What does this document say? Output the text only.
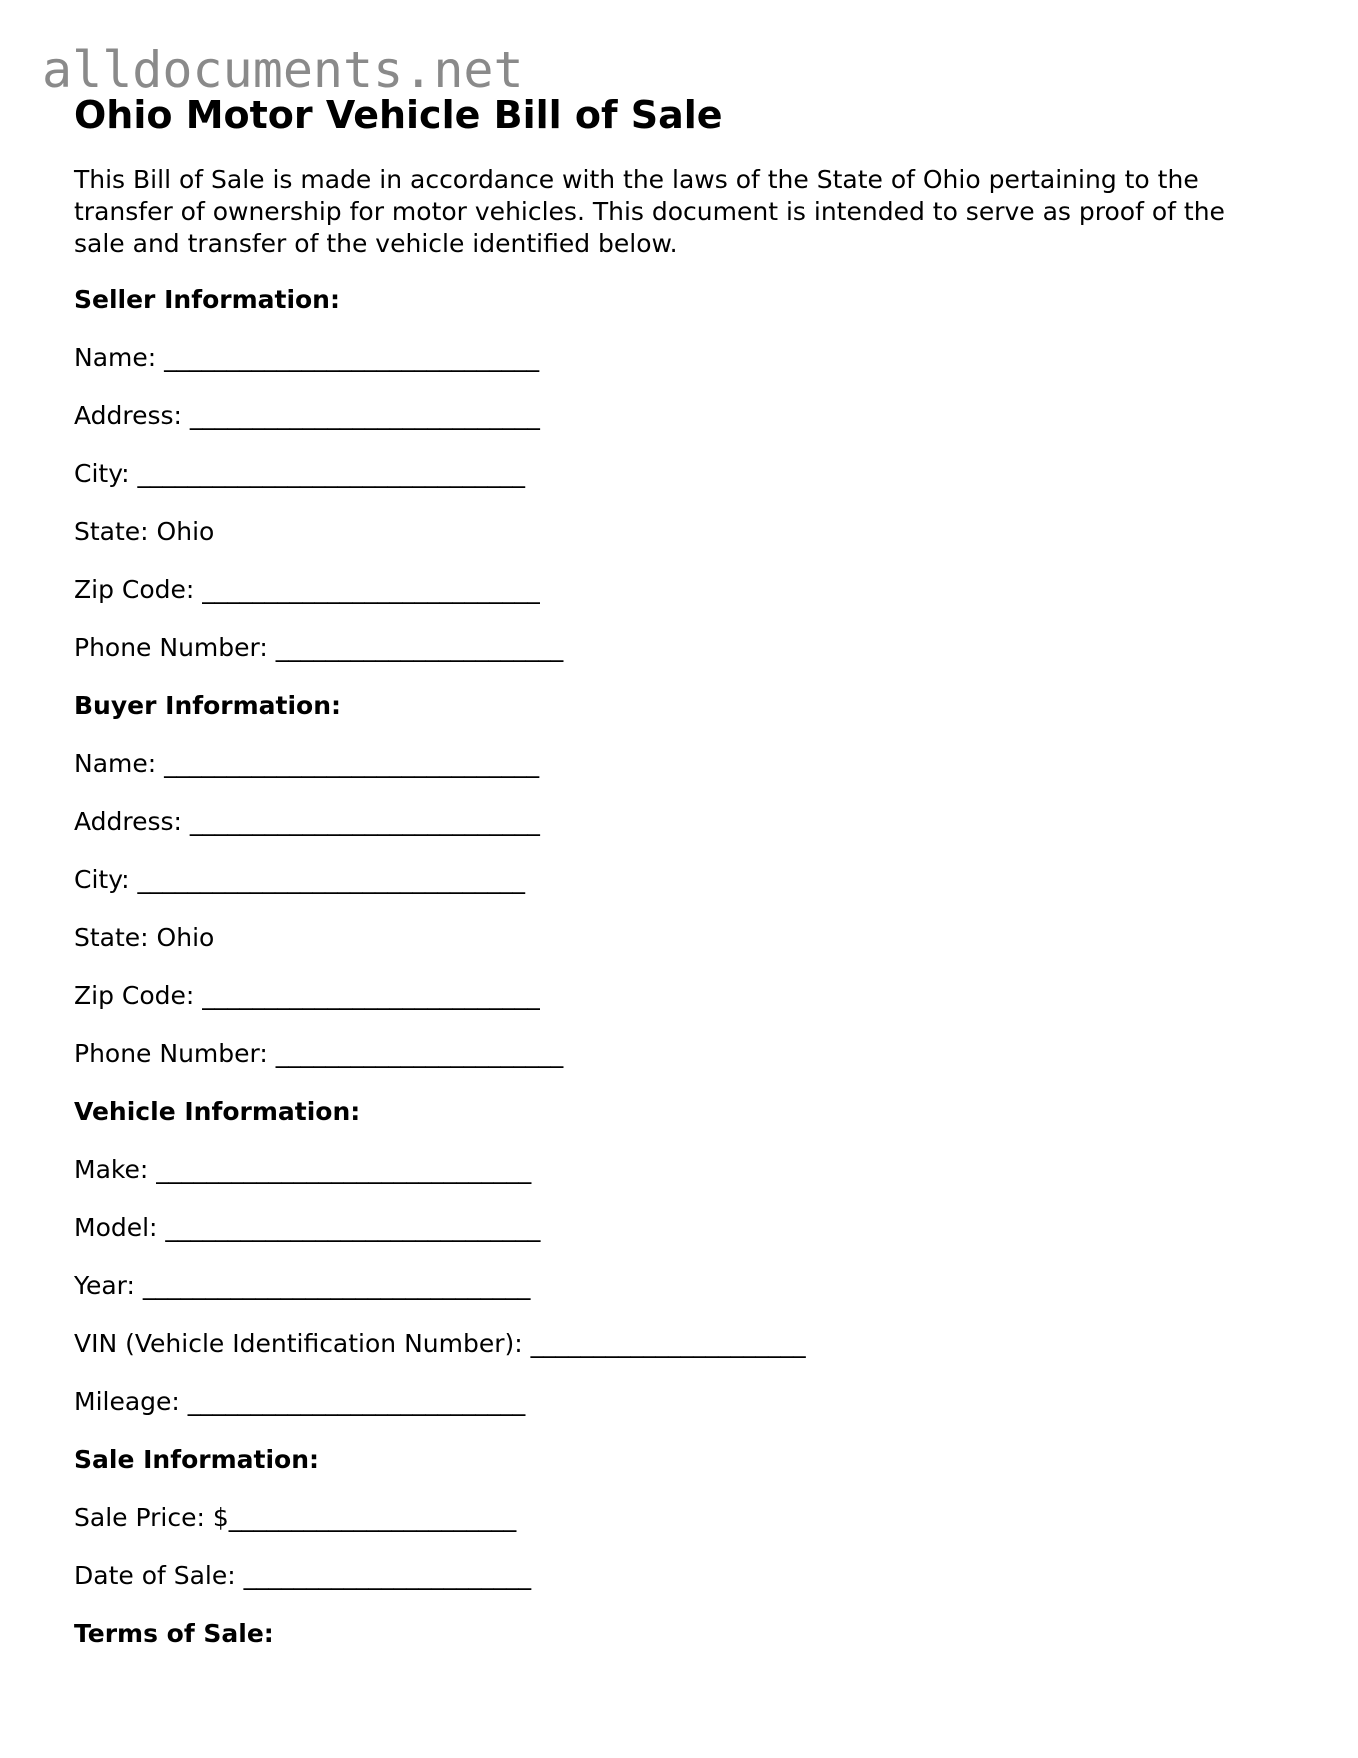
alldocuments.net
Ohio Motor Vehicle Bill of Sale

This Bill of Sale is made in accordance with the laws of the State of Ohio pertaining to the transfer of ownership for motor vehicles. This document is intended to serve as proof of the sale and transfer of the vehicle identified below.

Seller Information:
Name: ______________________________
Address: ____________________________
City: _______________________________
State: Ohio
Zip Code: ___________________________
Phone Number: _______________________
Buyer Information:
Name: ______________________________
Address: ____________________________
City: _______________________________
State: Ohio
Zip Code: ___________________________
Phone Number: _______________________
Vehicle Information:
Make: ______________________________
Model: ______________________________
Year: _______________________________
VIN (Vehicle Identification Number): ______________________
Mileage: ___________________________
Sale Information:
Sale Price: $_______________________
Date of Sale: _______________________
Terms of Sale:
